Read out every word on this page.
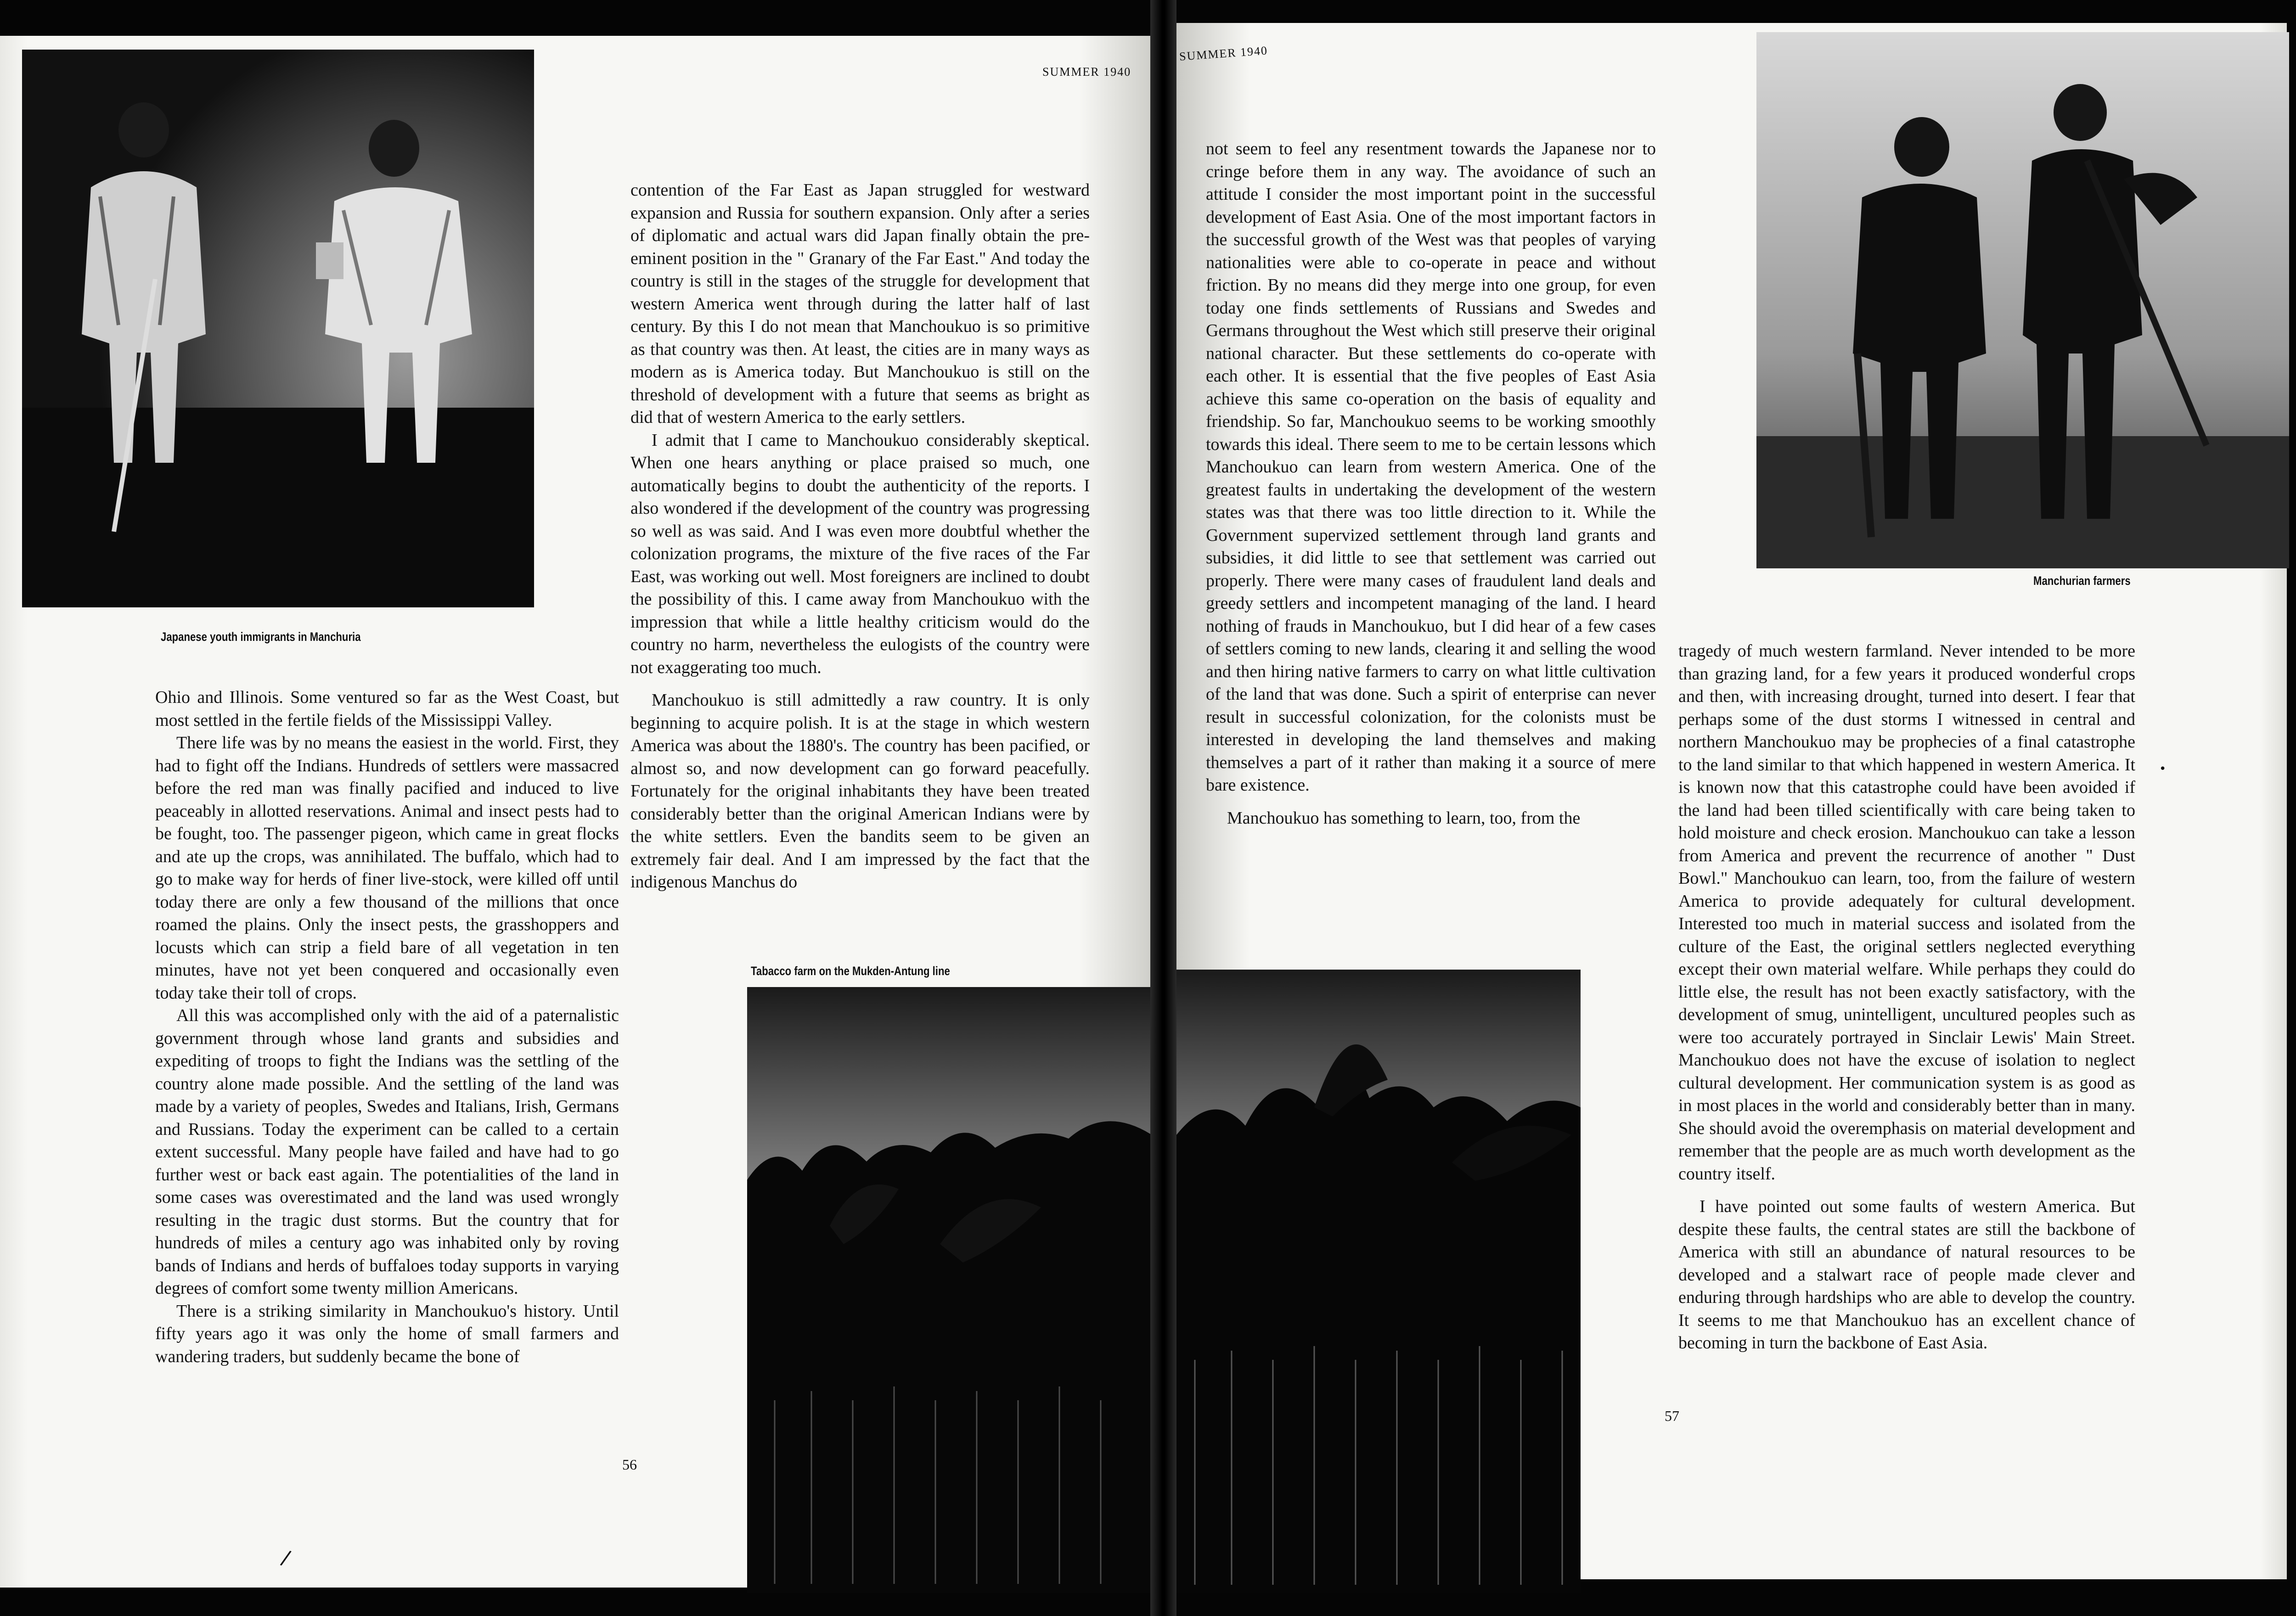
Japanese youth immigrants in Manchuria
SUMMER 1940
SUMMER 1940

Ohio and Illinois. Some ventured so far as the West Coast, but most settled in the fertile fields of the Mississippi Valley.

There life was by no means the easiest in the world. First, they had to fight off the Indians. Hundreds of settlers were massacred before the red man was finally pacified and induced to live peaceably in allotted reservations. Animal and insect pests had to be fought, too. The passenger pigeon, which came in great flocks and ate up the crops, was annihilated. The buffalo, which had to go to make way for herds of finer live-stock, were killed off until today there are only a few thousand of the millions that once roamed the plains. Only the insect pests, the grasshoppers and locusts which can strip a field bare of all vegetation in ten minutes, have not yet been conquered and occasionally even today take their toll of crops.

All this was accomplished only with the aid of a paternalistic government through whose land grants and subsidies and expediting of troops to fight the Indians was the settling of the country alone made possible. And the settling of the land was made by a variety of peoples, Swedes and Italians, Irish, Germans and Russians. Today the experiment can be called to a certain extent successful. Many people have failed and have had to go further west or back east again. The potentialities of the land in some cases was overestimated and the land was used wrongly resulting in the tragic dust storms. But the country that for hundreds of miles a century ago was inhabited only by roving bands of Indians and herds of buffaloes today supports in varying degrees of comfort some twenty million Americans.

There is a striking similarity in Manchoukuo's history. Until fifty years ago it was only the home of small farmers and wandering traders, but suddenly became the bone of

56

contention of the Far East as Japan struggled for westward expansion and Russia for southern expansion. Only after a series of diplomatic and actual wars did Japan finally obtain the pre-eminent position in the " Granary of the Far East." And today the country is still in the stages of the struggle for development that western America went through during the latter half of last century. By this I do not mean that Manchoukuo is so primitive as that country was then. At least, the cities are in many ways as modern as is America today. But Manchoukuo is still on the threshold of development with a future that seems as bright as did that of western America to the early settlers.

I admit that I came to Manchoukuo considerably skeptical. When one hears anything or place praised so much, one automatically begins to doubt the authenticity of the reports. I also wondered if the development of the country was progressing so well as was said. And I was even more doubtful whether the colonization programs, the mixture of the five races of the Far East, was working out well. Most foreigners are inclined to doubt the possibility of this. I came away from Manchoukuo with the impression that while a little healthy criticism would do the country no harm, nevertheless the eulogists of the country were not exaggerating too much.

Manchoukuo is still admittedly a raw country. It is only beginning to acquire polish. It is at the stage in which western America was about the 1880's. The country has been pacified, or almost so, and now development can go forward peacefully. Fortunately for the original inhabitants they have been treated considerably better than the original American Indians were by the white settlers. Even the bandits seem to be given an extremely fair deal. And I am impressed by the fact that the indigenous Manchus do

Tabacco farm on the Mukden-Antung line

not seem to feel any resentment towards the Japanese nor to cringe before them in any way. The avoidance of such an attitude I consider the most important point in the successful development of East Asia. One of the most important factors in the successful growth of the West was that peoples of varying nationalities were able to co-operate in peace and without friction. By no means did they merge into one group, for even today one finds settlements of Russians and Swedes and Germans throughout the West which still preserve their original national character. But these settlements do co-operate with each other. It is essential that the five peoples of East Asia achieve this same co-operation on the basis of equality and friendship. So far, Manchoukuo seems to be working smoothly towards this ideal. There seem to me to be certain lessons which Manchoukuo can learn from western America. One of the greatest faults in undertaking the development of the western states was that there was too little direction to it. While the Government supervized settlement through land grants and subsidies, it did little to see that settlement was carried out properly. There were many cases of fraudulent land deals and greedy settlers and incompetent managing of the land. I heard nothing of frauds in Manchoukuo, but I did hear of a few cases of settlers coming to new lands, clearing it and selling the wood and then hiring native farmers to carry on what little cultivation of the land that was done. Such a spirit of enterprise can never result in successful colonization, for the colonists must be interested in developing the land themselves and making themselves a part of it rather than making it a source of mere bare existence.

Manchoukuo has something to learn, too, from the

Manchurian farmers

tragedy of much western farmland. Never intended to be more than grazing land, for a few years it produced wonderful crops and then, with increasing drought, turned into desert. I fear that perhaps some of the dust storms I witnessed in central and northern Manchoukuo may be prophecies of a final catastrophe to the land similar to that which happened in western America. It is known now that this catastrophe could have been avoided if the land had been tilled scientifically with care being taken to hold moisture and check erosion. Manchoukuo can take a lesson from America and prevent the recurrence of another " Dust Bowl." Manchoukuo can learn, too, from the failure of western America to provide adequately for cultural development. Interested too much in material success and isolated from the culture of the East, the original settlers neglected everything except their own material welfare. While perhaps they could do little else, the result has not been exactly satisfactory, with the development of smug, unintelligent, uncultured peoples such as were too accurately portrayed in Sinclair Lewis' Main Street. Manchoukuo does not have the excuse of isolation to neglect cultural development. Her communication system is as good as in most places in the world and considerably better than in many. She should avoid the overemphasis on material development and remember that the people are as much worth development as the country itself.

I have pointed out some faults of western America. But despite these faults, the central states are still the backbone of America with still an abundance of natural resources to be developed and a stalwart race of people made clever and enduring through hardships who are able to develop the country. It seems to me that Manchoukuo has an excellent chance of becoming in turn the backbone of East Asia.

57
/
•
